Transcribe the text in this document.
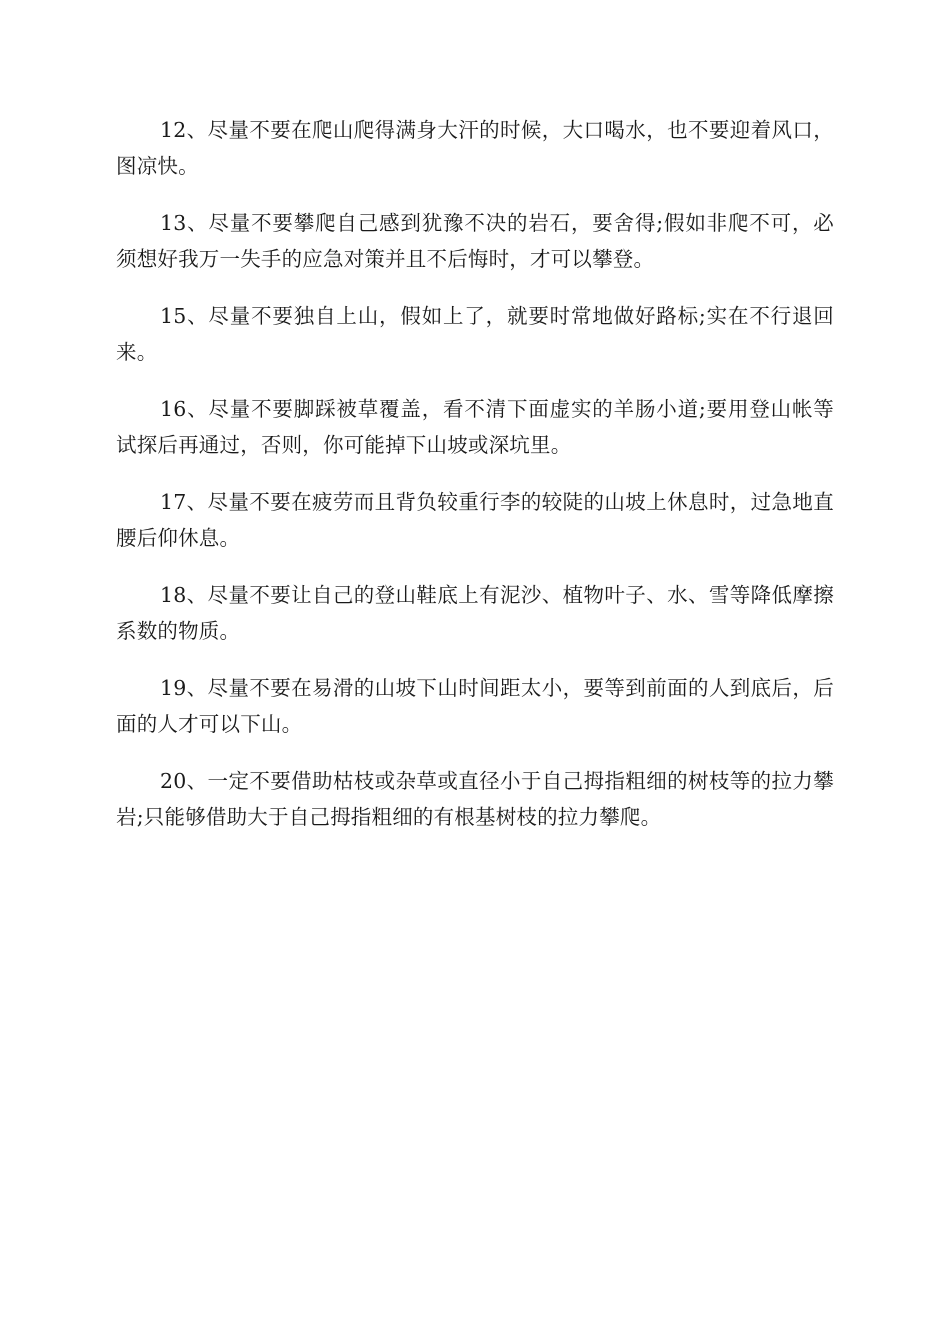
12、尽量不要在爬山爬得满身大汗的时候，大口喝水，也不要迎着风口，图凉快。

13、尽量不要攀爬自己感到犹豫不决的岩石，要舍得;假如非爬不可，必须想好我万一失手的应急对策并且不后悔时，才可以攀登。

15、尽量不要独自上山，假如上了，就要时常地做好路标;实在不行退回来。

16、尽量不要脚踩被草覆盖，看不清下面虚实的羊肠小道;要用登山帐等试探后再通过，否则，你可能掉下山坡或深坑里。

17、尽量不要在疲劳而且背负较重行李的较陡的山坡上休息时，过急地直腰后仰休息。

18、尽量不要让自己的登山鞋底上有泥沙、植物叶子、水、雪等降低摩擦系数的物质。

19、尽量不要在易滑的山坡下山时间距太小，要等到前面的人到底后，后面的人才可以下山。

20、一定不要借助枯枝或杂草或直径小于自己拇指粗细的树枝等的拉力攀岩;只能够借助大于自己拇指粗细的有根基树枝的拉力攀爬。
